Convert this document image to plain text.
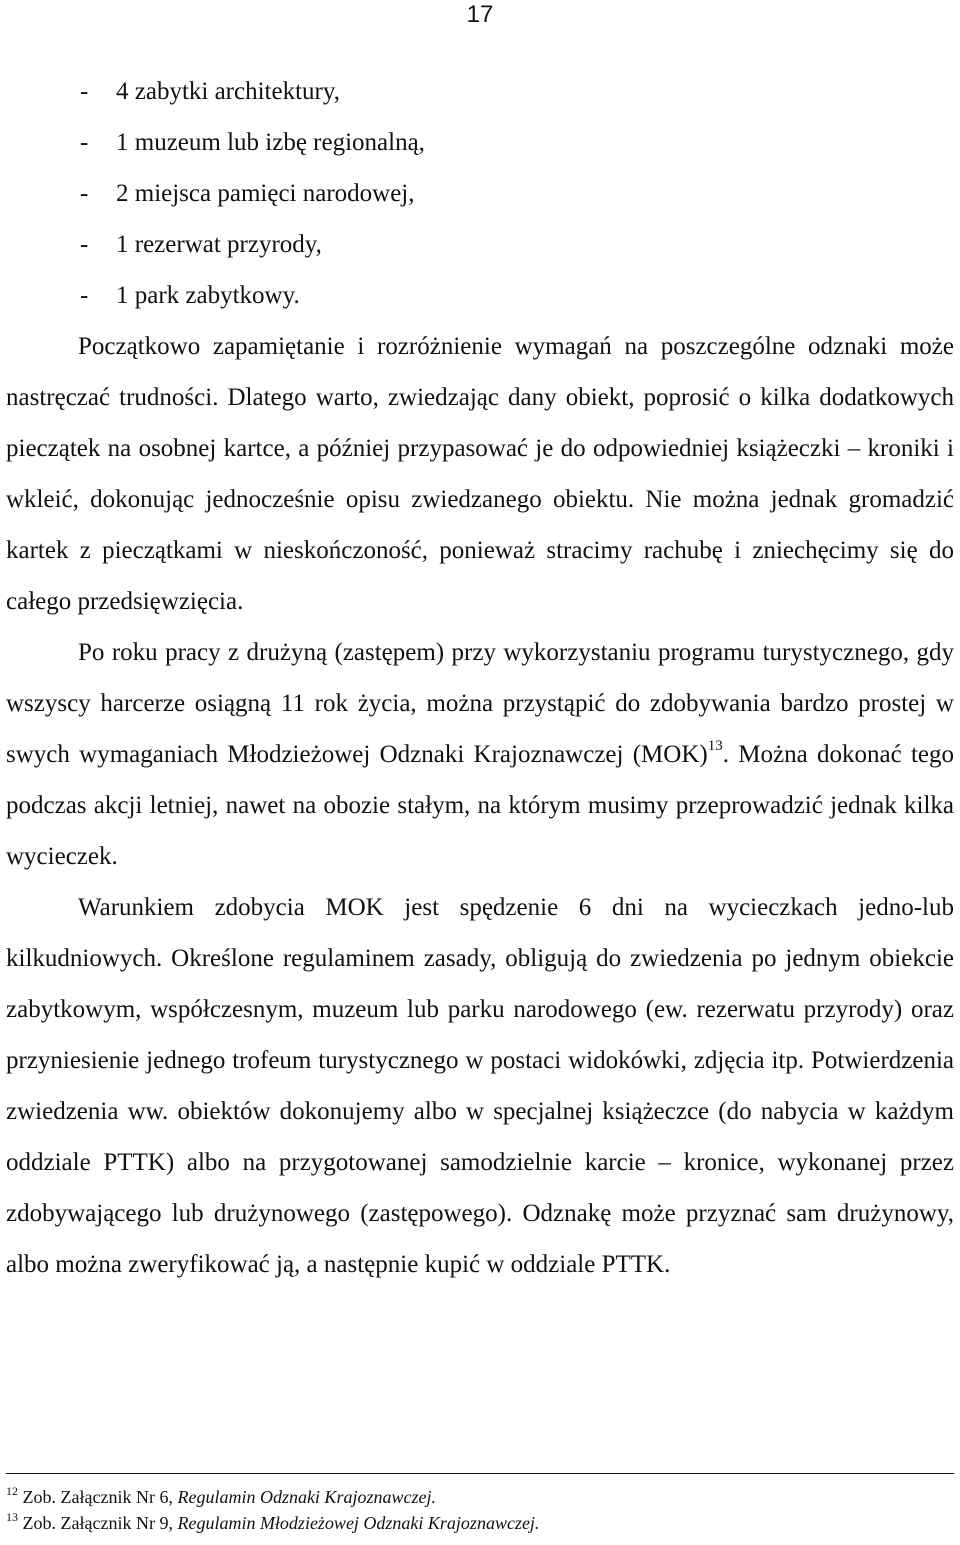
17
- 4 zabytki architektury,
- 1 muzeum lub izbę regionalną,
- 2 miejsca pamięci narodowej,
- 1 rezerwat przyrody,
- 1 park zabytkowy.

Początkowo zapamiętanie i rozróżnienie wymagań na poszczególne odznaki może nastręczać trudności. Dlatego warto, zwiedzając dany obiekt, poprosić o kilka dodatkowych pieczątek na osobnej kartce, a później przypasować je do odpowiedniej książeczki – kroniki i wkleić, dokonując jednocześnie opisu zwiedzanego obiektu. Nie można jednak gromadzić kartek z pieczątkami w nieskończoność, ponieważ stracimy rachubę i zniechęcimy się do całego przedsięwzięcia.

Po roku pracy z drużyną (zastępem) przy wykorzystaniu programu turystycznego, gdy wszyscy harcerze osiągną 11 rok życia, można przystąpić do zdobywania bardzo prostej w swych wymaganiach Młodzieżowej Odznaki Krajoznawczej (MOK)$^{13}$. Można dokonać tego podczas akcji letniej, nawet na obozie stałym, na którym musimy przeprowadzić jednak kilka wycieczek.

Warunkiem zdobycia MOK jest spędzenie 6 dni na wycieczkach jedno-lub kilkudniowych. Określone regulaminem zasady, obligują do zwiedzenia po jednym obiekcie zabytkowym, współczesnym, muzeum lub parku narodowego (ew. rezerwatu przyrody) oraz przyniesienie jednego trofeum turystycznego w postaci widokówki, zdjęcia itp. Potwierdzenia zwiedzenia ww. obiektów dokonujemy albo w specjalnej książeczce (do nabycia w każdym oddziale PTTK) albo na przygotowanej samodzielnie karcie – kronice, wykonanej przez zdobywającego lub drużynowego (zastępowego). Odznakę może przyznać sam drużynowy, albo można zweryfikować ją, a następnie kupić w oddziale PTTK.

$^{12}$ Zob. Załącznik Nr 6, Regulamin Odznaki Krajoznawczej.
$^{13}$ Zob. Załącznik Nr 9, Regulamin Młodzieżowej Odznaki Krajoznawczej.
